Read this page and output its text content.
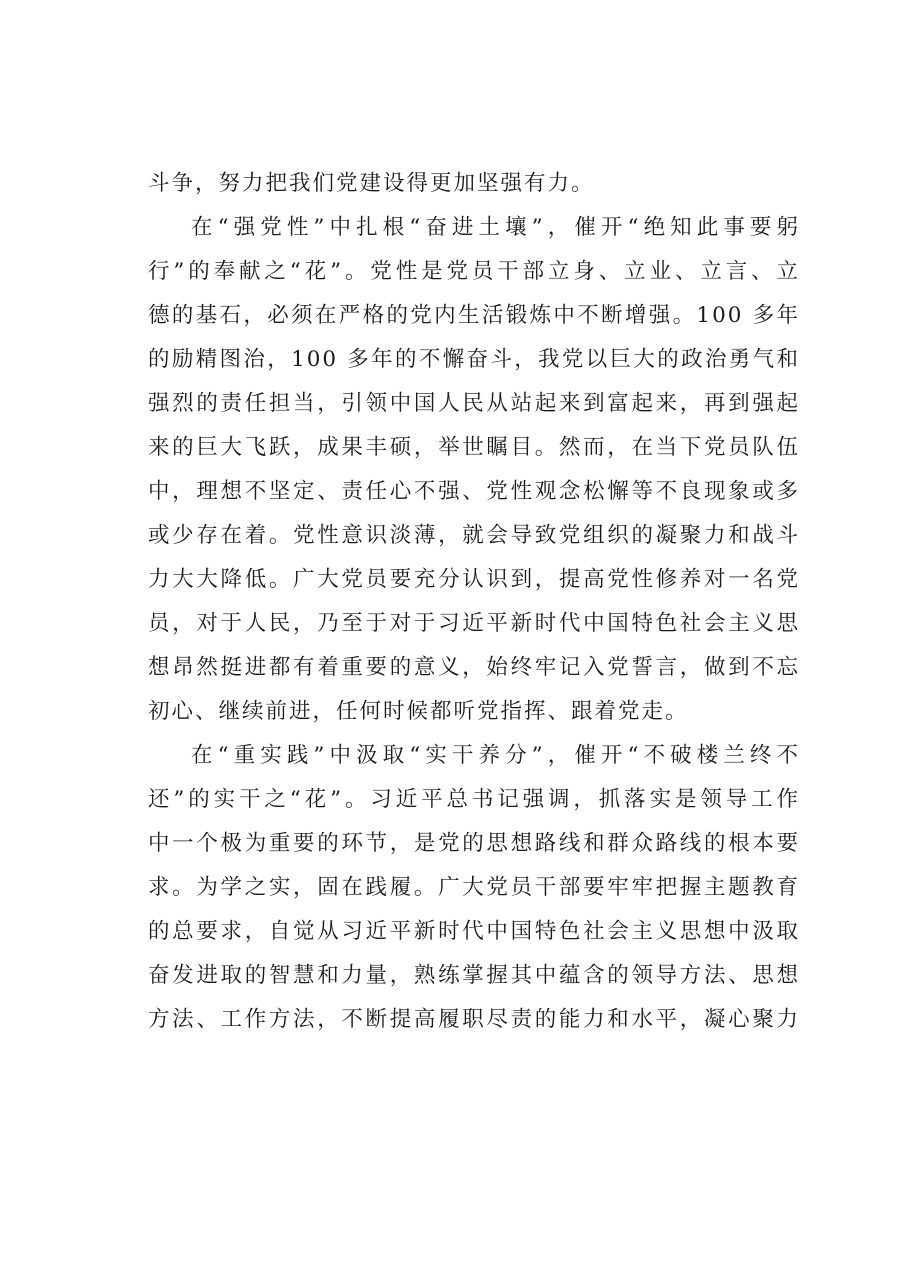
斗争，努力把我们党建设得更加坚强有力。
在“强党性”中扎根“奋进土壤”，催开“绝知此事要躬
行”的奉献之“花”。党性是党员干部立身、立业、立言、立
德的基石，必须在严格的党内生活锻炼中不断增强。100 多年
的励精图治，100 多年的不懈奋斗，我党以巨大的政治勇气和
强烈的责任担当，引领中国人民从站起来到富起来，再到强起
来的巨大飞跃，成果丰硕，举世瞩目。然而，在当下党员队伍
中，理想不坚定、责任心不强、党性观念松懈等不良现象或多
或少存在着。党性意识淡薄，就会导致党组织的凝聚力和战斗
力大大降低。广大党员要充分认识到，提高党性修养对一名党
员，对于人民，乃至于对于习近平新时代中国特色社会主义思
想昂然挺进都有着重要的意义，始终牢记入党誓言，做到不忘
初心、继续前进，任何时候都听党指挥、跟着党走。
在“重实践”中汲取“实干养分”，催开“不破楼兰终不
还”的实干之“花”。习近平总书记强调，抓落实是领导工作
中一个极为重要的环节，是党的思想路线和群众路线的根本要
求。为学之实，固在践履。广大党员干部要牢牢把握主题教育
的总要求，自觉从习近平新时代中国特色社会主义思想中汲取
奋发进取的智慧和力量，熟练掌握其中蕴含的领导方法、思想
方法、工作方法，不断提高履职尽责的能力和水平，凝心聚力
